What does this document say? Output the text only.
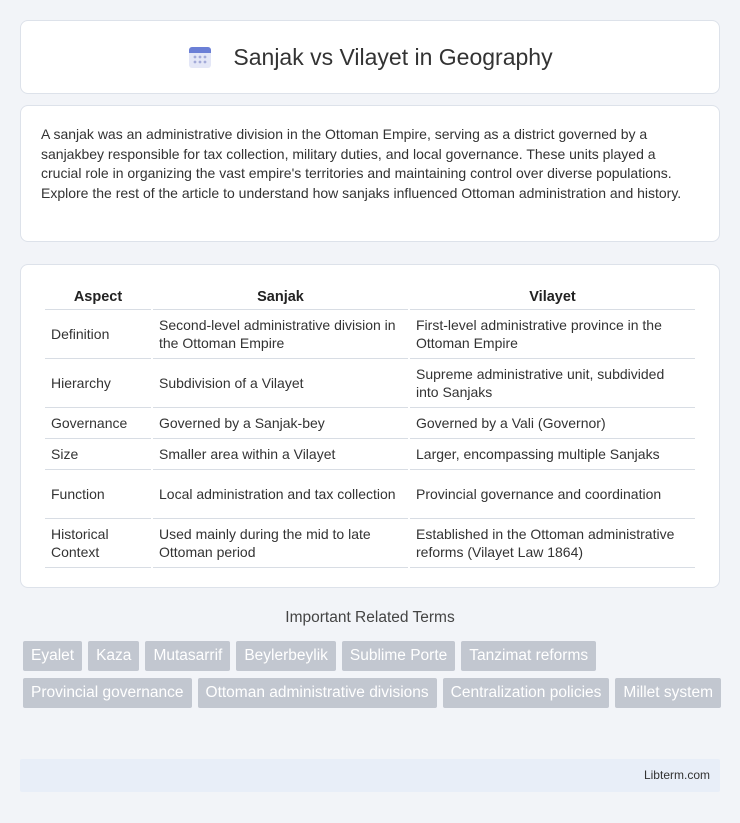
Sanjak vs Vilayet in Geography

A sanjak was an administrative division in the Ottoman Empire, serving as a district governed by a sanjakbey responsible for tax collection, military duties, and local governance. These units played a crucial role in organizing the vast empire's territories and maintaining control over diverse populations. Explore the rest of the article to understand how sanjaks influenced Ottoman administration and history.

Aspect	Sanjak	Vilayet
Definition	Second-level administrative division in the Ottoman Empire	First-level administrative province in the Ottoman Empire
Hierarchy	Subdivision of a Vilayet	Supreme administrative unit, subdivided into Sanjaks
Governance	Governed by a Sanjak-bey	Governed by a Vali (Governor)
Size	Smaller area within a Vilayet	Larger, encompassing multiple Sanjaks
Function	Local administration and tax collection	Provincial governance and coordination
Historical Context	Used mainly during the mid to late Ottoman period	Established in the Ottoman administrative reforms (Vilayet Law 1864)
Important Related Terms
Eyalet	Kaza	Mutasarrif	Beylerbeylik	Sublime Porte	Tanzimat reforms
Provincial governance	Ottoman administrative divisions	Centralization policies	Millet system
Libterm.com
